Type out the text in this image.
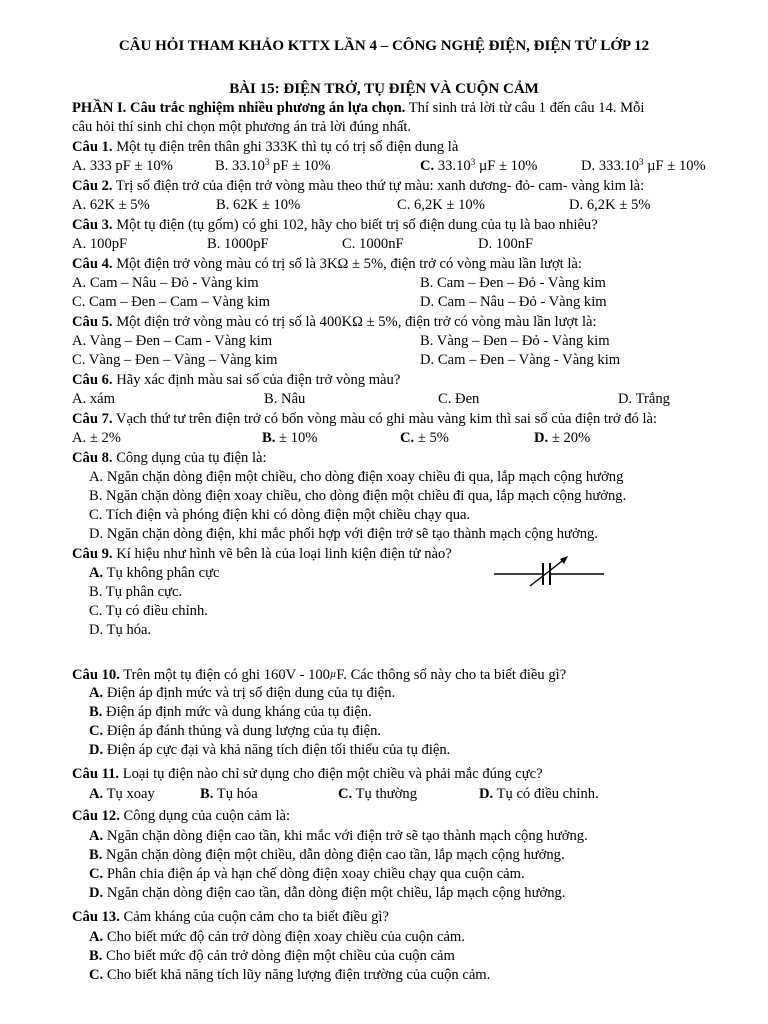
CÂU HỎI THAM KHẢO KTTX LẦN 4 – CÔNG NGHỆ ĐIỆN, ĐIỆN TỬ LỚP 12
BÀI 15: ĐIỆN TRỞ, TỤ ĐIỆN VÀ CUỘN CẢM
PHẦN I. Câu trắc nghiệm nhiều phương án lựa chọn. Thí sinh trả lời từ câu 1 đến câu 14. Mỗi
câu hỏi thí sinh chỉ chọn một phương án trả lời đúng nhất.
Câu 1. Một tụ điện trên thân ghi 333K thì tụ có trị số điện dung là
A. 333 pF ± 10%	B. 33.10$^3$ pF ± 10%	C. 33.10$^3$ µF ± 10%	D. 333.10$^3$ µF ± 10%
Câu 2. Trị số điện trở của điện trở vòng màu theo thứ tự màu: xanh dương- đỏ- cam- vàng kim là:
A. 62K ± 5%	B. 62K ± 10%	C. 6,2K ± 10%	D. 6,2K ± 5%
Câu 3. Một tụ điện (tụ gốm) có ghi 102, hãy cho biết trị số điện dung của tụ là bao nhiêu?
A. 100pF	B. 1000pF	C. 1000nF	D. 100nF
Câu 4. Một điện trở vòng màu có trị số là 3KΩ ± 5%, điện trở có vòng màu lần lượt là:
A. Cam – Nâu – Đỏ - Vàng kim	B. Cam – Đen – Đỏ - Vàng kim
C. Cam – Đen – Cam – Vàng kim	D. Cam – Nâu – Đỏ - Vàng kim
Câu 5. Một điện trở vòng màu có trị số là 400KΩ ± 5%, điện trở có vòng màu lần lượt là:
A. Vàng – Đen – Cam - Vàng kim	B. Vàng – Đen – Đỏ - Vàng kim
C. Vàng – Đen – Vàng – Vàng kim	D. Cam – Đen – Vàng - Vàng kim
Câu 6. Hãy xác định màu sai số của điện trở vòng màu?
A. xám	B. Nâu	C. Đen	D. Trắng
Câu 7. Vạch thứ tư trên điện trở có bốn vòng màu có ghi màu vàng kim thì sai số của điện trở đó là:
A. ± 2%	B. ± 10%	C. ± 5%	D. ± 20%
Câu 8. Công dụng của tụ điện là:
A. Ngăn chặn dòng điện một chiều, cho dòng điện xoay chiều đi qua, lắp mạch cộng hưởng
B. Ngăn chặn dòng điện xoay chiều, cho dòng điện một chiều đi qua, lắp mạch cộng hưởng.
C. Tích điện và phóng điện khi có dòng điện một chiều chạy qua.
D. Ngăn chặn dòng điện, khi mắc phối hợp với điện trở sẽ tạo thành mạch cộng hưởng.
Câu 9. Kí hiệu như hình vẽ bên là của loại linh kiện điện tử nào?
A. Tụ không phân cực
B. Tụ phân cực.
C. Tụ có điều chỉnh.
D. Tụ hóa.
Câu 10. Trên một tụ điện có ghi 160V - 100µF. Các thông số này cho ta biết điều gì?
A. Điện áp định mức và trị số điện dung của tụ điện.
B. Điện áp định mức và dung kháng của tụ điện.
C. Điện áp đánh thủng và dung lượng của tụ điện.
D. Điện áp cực đại và khả năng tích điện tối thiểu của tụ điện.
Câu 11. Loại tụ điện nào chỉ sử dụng cho điện một chiều và phải mắc đúng cực?
A. Tụ xoay	B. Tụ hóa	C. Tụ thường	D. Tụ có điều chỉnh.
Câu 12. Công dụng của cuộn cảm là:
A. Ngăn chặn dòng điện cao tần, khi mắc với điện trở sẽ tạo thành mạch cộng hưởng.
B. Ngăn chặn dòng điện một chiều, dẫn dòng điện cao tần, lắp mạch cộng hưởng.
C. Phân chia điện áp và hạn chế dòng điện xoay chiều chạy qua cuộn cảm.
D. Ngăn chặn dòng điện cao tần, dẫn dòng điện một chiều, lắp mạch cộng hưởng.
Câu 13. Cảm kháng của cuộn cảm cho ta biết điều gì?
A. Cho biết mức độ cản trở dòng điện xoay chiều của cuộn cảm.
B. Cho biết mức độ cản trở dòng điện một chiều của cuộn cảm
C. Cho biết khả năng tích lũy năng lượng điện trường của cuộn cảm.
